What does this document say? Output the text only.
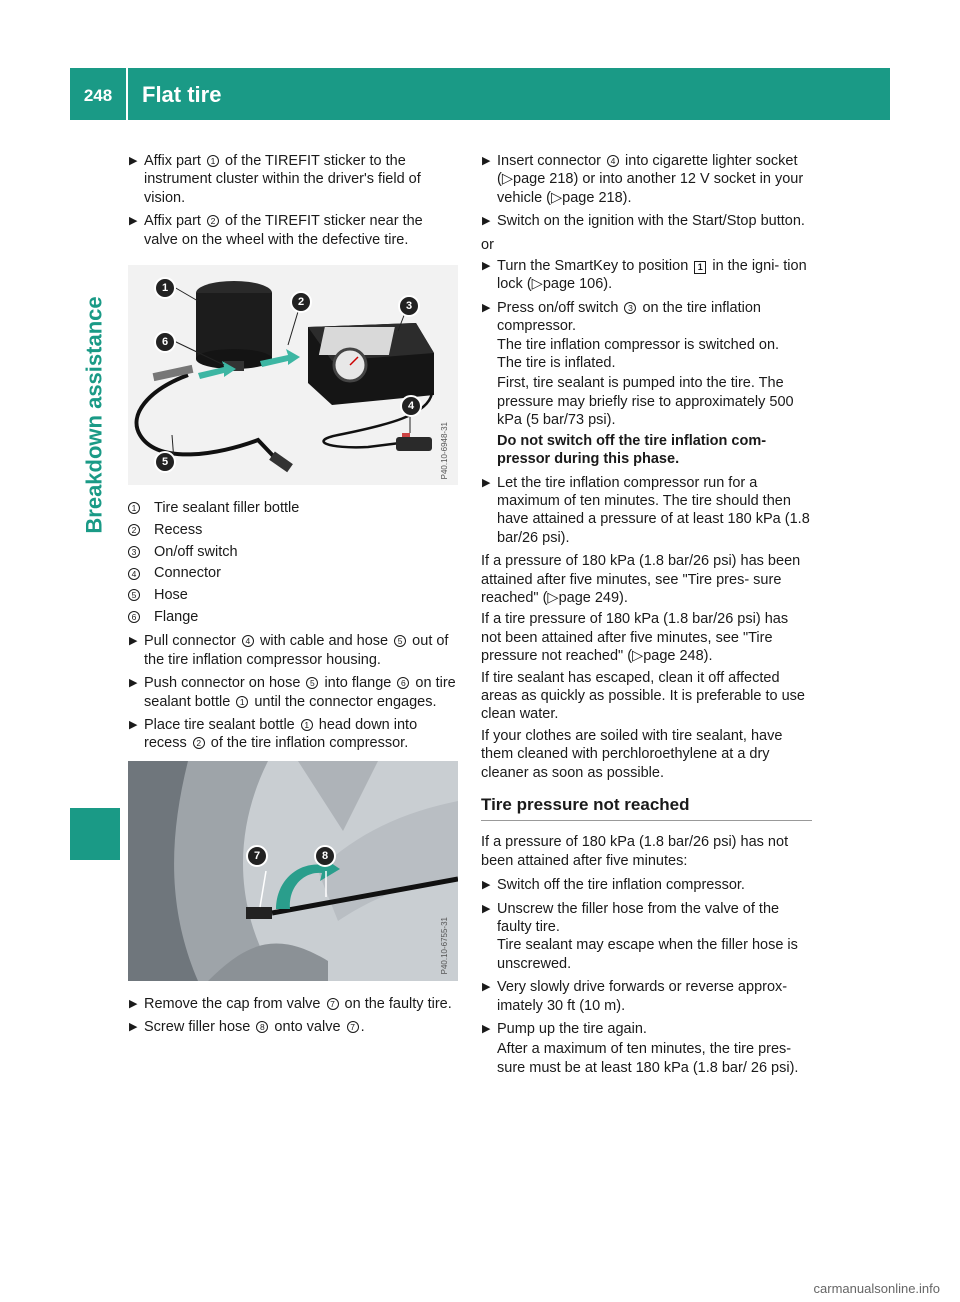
248	Flat tire
Breakdown assistance
▶ Affix part 1 of the TIREFIT sticker to the instrument cluster within the driver's field of vision.
▶ Affix part 2 of the TIREFIT sticker near the valve on the wheel with the defective tire.
1
6
2	3
4
5	P40.10-6948-31
1 Tire sealant filler bottle
2 Recess
3 On/off switch
4 Connector
5 Hose
6 Flange
▶ Pull connector 4 with cable and hose 5 out of the tire inflation compressor housing.
▶ Push connector on hose 5 into flange 6 on tire sealant bottle 1 until the connector engages.
▶ Place tire sealant bottle 1 head down into recess 2 of the tire inflation compressor.
7	8
P40.10-6755-31
▶ Remove the cap from valve 7 on the faulty tire.
▶ Screw filler hose 8 onto valve 7 .
▶ Insert connector 4 into cigarette lighter socket (▷page 218) or into another 12 V socket in your vehicle (▷page 218).
▶ Switch on the ignition with the Start/Stop button.
or
▶ Turn the SmartKey to position 1 in the igni- tion lock (▷page 106).
▶ Press on/off switch 3 on the tire inflation compressor.
The tire inflation compressor is switched on.
The tire is inflated.
First, tire sealant is pumped into the tire. The pressure may briefly rise to approximately 500 kPa (5 bar/73 psi).
Do not switch off the tire inflation com- pressor during this phase.
▶ Let the tire inflation compressor run for a maximum of ten minutes. The tire should then have attained a pressure of at least 180 kPa (1.8 bar/26 psi).
If a pressure of 180 kPa (1.8 bar/26 psi) has been attained after five minutes, see "Tire pres- sure reached" (▷page 249).
If a tire pressure of 180 kPa (1.8 bar/26 psi) has not been attained after five minutes, see "Tire pressure not reached" (▷page 248).
If tire sealant has escaped, clean it off affected areas as quickly as possible. It is preferable to use clean water.
If your clothes are soiled with tire sealant, have them cleaned with perchloroethylene at a dry cleaner as soon as possible.
Tire pressure not reached
If a pressure of 180 kPa (1.8 bar/26 psi) has not been attained after five minutes:
▶ Switch off the tire inflation compressor.
▶ Unscrew the filler hose from the valve of the faulty tire.
Tire sealant may escape when the filler hose is unscrewed.
▶ Very slowly drive forwards or reverse approx- imately 30 ft (10 m).
▶ Pump up the tire again.
After a maximum of ten minutes, the tire pres- sure must be at least 180 kPa (1.8 bar/ 26 psi).
carmanualsonline.info
